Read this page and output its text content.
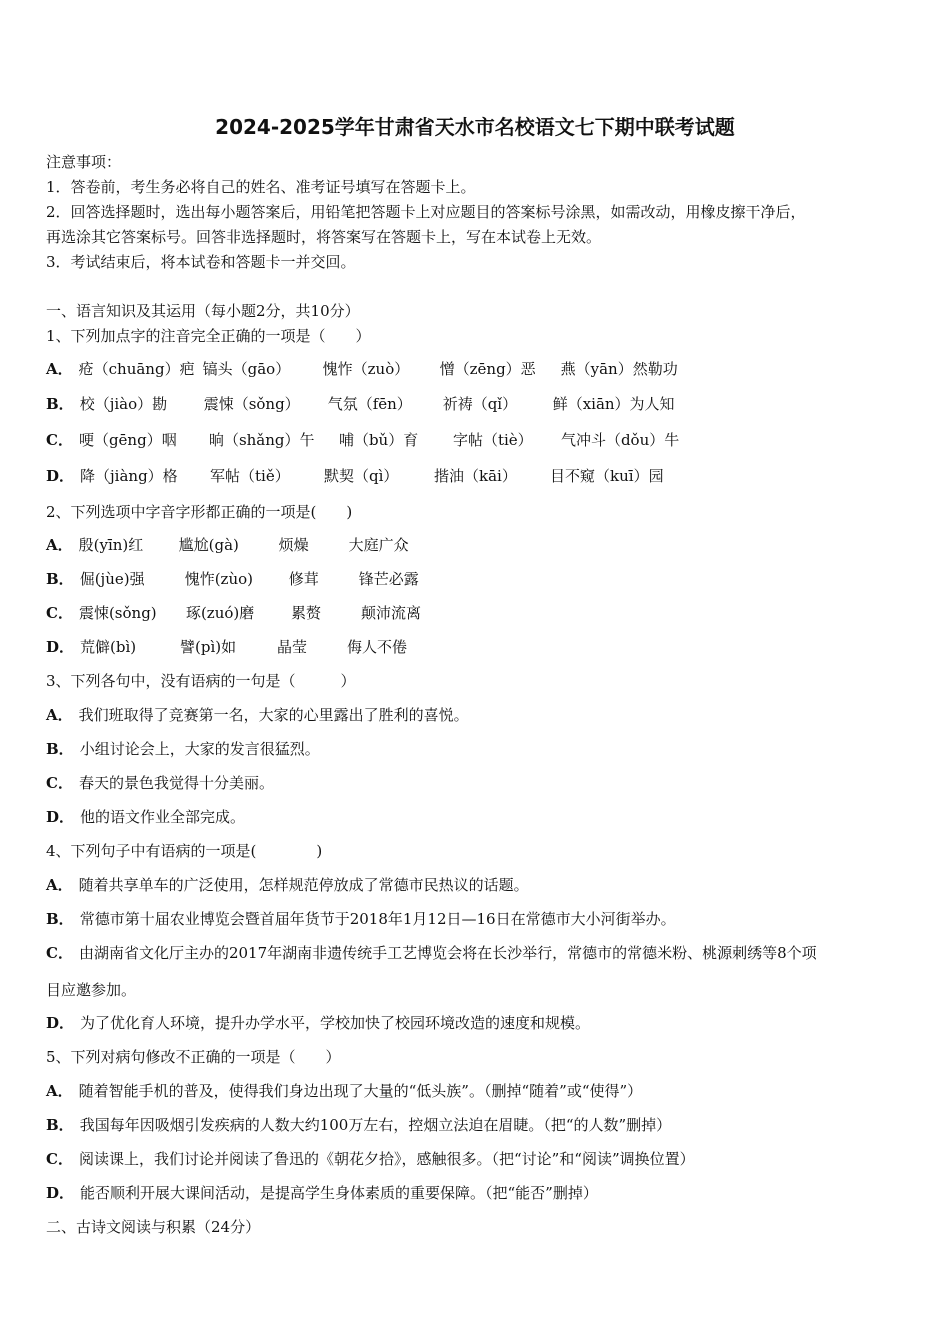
2024-2025学年甘肃省天水市名校语文七下期中联考试题
注意事项：
1．答卷前，考生务必将自己的姓名、准考证号填写在答题卡上。
2．回答选择题时，选出每小题答案后，用铅笔把答题卡上对应题目的答案标号涂黑，如需改动，用橡皮擦干净后，
再选涂其它答案标号。回答非选择题时，将答案写在答题卡上，写在本试卷上无效。
3．考试结束后，将本试卷和答题卡一并交回。
一、语言知识及其运用（每小题2分，共10分）
1、下列加点字的注音完全正确的一项是（　　）
A． 疮（chuāng）疤 镐头（gāo） 愧怍（zuò） 憎（zēng）恶 燕（yān）然勒功
B． 校（jiào）勘 震悚（sǒng） 气氛（fēn） 祈祷（qǐ） 鲜（xiān）为人知
C． 哽（gēng）咽 晌（shǎng）午 哺（bǔ）育 字帖（tiè） 气冲斗（dǒu）牛
D． 降（jiàng）格 军帖（tiě） 默契（qì） 揩油（kāi） 目不窥（kuī）园
2、下列选项中字音字形都正确的一项是(　　)
A． 殷(yīn)红 尴尬(gà)	烦燥	大庭广众
B． 倔(jùe)强	愧怍(zùo) 修茸	锋芒必露
C． 震悚(sǒng) 琢(zuó)磨 累赘	颠沛流离
D． 荒僻(bì)	譬(pì)如	晶莹	侮人不倦
3、下列各句中，没有语病的一句是（　　　）
A． 我们班取得了竞赛第一名，大家的心里露出了胜利的喜悦。
B． 小组讨论会上，大家的发言很猛烈。
C． 春天的景色我觉得十分美丽。
D． 他的语文作业全部完成。
4、下列句子中有语病的一项是(　　　　)
A． 随着共享单车的广泛使用，怎样规范停放成了常德市民热议的话题。
B． 常德市第十届农业博览会暨首届年货节于2018年1月12日—16日在常德市大小河街举办。
C． 由湖南省文化厅主办的2017年湖南非遗传统手工艺博览会将在长沙举行，常德市的常德米粉、桃源刺绣等8个项
目应邀参加。
D． 为了优化育人环境，提升办学水平，学校加快了校园环境改造的速度和规模。
5、下列对病句修改不正确的一项是（　　）
A． 随着智能手机的普及，使得我们身边出现了大量的“低头族”。（删掉“随着”或“使得”）
B． 我国每年因吸烟引发疾病的人数大约100万左右，控烟立法迫在眉睫。（把“的人数”删掉）
C． 阅读课上，我们讨论并阅读了鲁迅的《朝花夕拾》，感触很多。（把“讨论”和“阅读”调换位置）
D． 能否顺利开展大课间活动，是提高学生身体素质的重要保障。（把“能否”删掉）
二、古诗文阅读与积累（24分）
